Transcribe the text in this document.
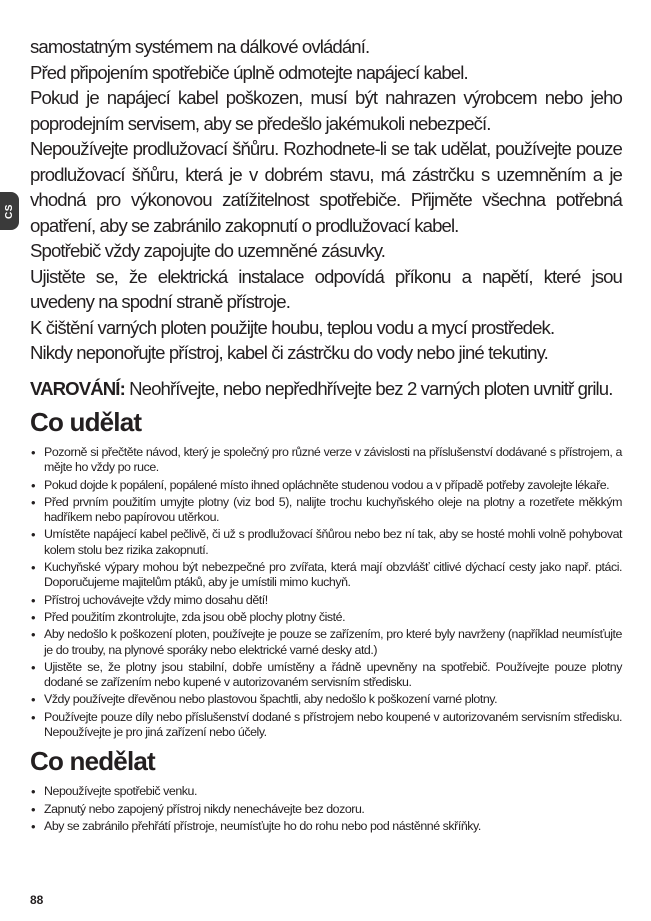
CS

samostatným systémem na dálkové ovládání.

Před připojením spotřebiče úplně odmotejte napájecí kabel.

Pokud je napájecí kabel poškozen, musí být nahrazen výrobcem nebo jeho poprodejním servisem, aby se předešlo jakémukoli nebezpečí.

Nepoužívejte prodlužovací šňůru. Rozhodnete-li se tak udělat, používejte pouze prodlužovací šňůru, která je v dobrém stavu, má zástrčku s uzemněním a je vhodná pro výkonovou zatížitelnost spotřebiče. Přijměte všechna potřebná opatření, aby se zabránilo zakopnutí o prodlužovací kabel.

Spotřebič vždy zapojujte do uzemněné zásuvky.

Ujistěte se, že elektrická instalace odpovídá příkonu a napětí, které jsou uvedeny na spodní straně přístroje.

K čištění varných ploten použijte houbu, teplou vodu a mycí prostředek.

Nikdy neponořujte přístroj, kabel či zástrčku do vody nebo jiné tekutiny.

VAROVÁNÍ: Neohřívejte, nebo nepředhřívejte bez 2 varných ploten uvnitř grilu.

Co udělat
• Pozorně si přečtěte návod, který je společný pro různé verze v závislosti na příslušenství dodávané s přístrojem, a mějte ho vždy po ruce.
• Pokud dojde k popálení, popálené místo ihned opláchněte studenou vodou a v případě potřeby zavolejte lékaře.
• Před prvním použitím umyjte plotny (viz bod 5), nalijte trochu kuchyňského oleje na plotny a rozetřete měkkým hadříkem nebo papírovou utěrkou.
• Umístěte napájecí kabel pečlivě, či už s prodlužovací šňůrou nebo bez ní tak, aby se hosté mohli volně pohybovat kolem stolu bez rizika zakopnutí.
• Kuchyňské výpary mohou být nebezpečné pro zvířata, která mají obzvlášť citlivé dýchací cesty jako např. ptáci. Doporučujeme majitelům ptáků, aby je umístili mimo kuchyň.
• Přístroj uchovávejte vždy mimo dosahu dětí!
• Před použitím zkontrolujte, zda jsou obě plochy plotny čisté.
• Aby nedošlo k poškození ploten, používejte je pouze se zařízením, pro které byly navrženy (například neumísťujte je do trouby, na plynové sporáky nebo elektrické varné desky atd.)
• Ujistěte se, že plotny jsou stabilní, dobře umístěny a řádně upevněny na spotřebič. Používejte pouze plotny dodané se zařízením nebo kupené v autorizovaném servisním středisku.
• Vždy používejte dřevěnou nebo plastovou špachtli, aby nedošlo k poškození varné plotny.
• Používejte pouze díly nebo příslušenství dodané s přístrojem nebo koupené v autorizovaném servisním středisku. Nepoužívejte je pro jiná zařízení nebo účely.
Co nedělat
• Nepoužívejte spotřebič venku.
• Zapnutý nebo zapojený přístroj nikdy nenechávejte bez dozoru.
• Aby se zabránilo přehřátí přístroje, neumísťujte ho do rohu nebo pod nástěnné skříňky.
88
